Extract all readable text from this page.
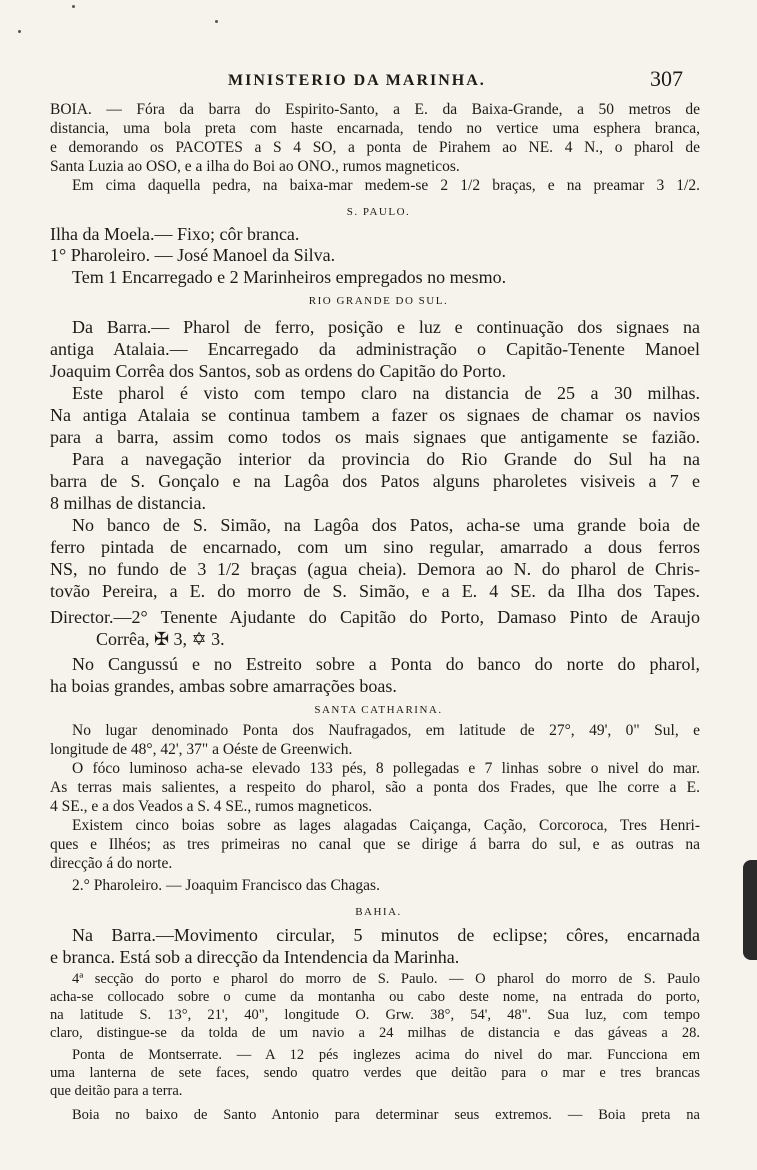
MINISTERIO DA MARINHA.	307
BOIA. — Fóra da barra do Espirito-Santo, a E. da Baixa-Grande, a 50 metros de
distancia, uma bola preta com haste encarnada, tendo no vertice uma esphera branca,
e demorando os PACOTES a S 4 SO, a ponta de Pirahem ao NE. 4 N., o pharol de
Santa Luzia ao OSO, e a ilha do Boi ao ONO., rumos magneticos.
Em cima daquella pedra, na baixa-mar medem-se 2 1/2 braças, e na preamar 3 1/2.
S. PAULO.
Ilha da Moela.— Fixo; côr branca.
1° Pharoleiro. — José Manoel da Silva.
Tem 1 Encarregado e 2 Marinheiros empregados no mesmo.
RIO GRANDE DO SUL.
Da Barra.— Pharol de ferro, posição e luz e continuação dos signaes na
antiga Atalaia.— Encarregado da administração o Capitão-Tenente Manoel
Joaquim Corrêa dos Santos, sob as ordens do Capitão do Porto.
Este pharol é visto com tempo claro na distancia de 25 a 30 milhas.
Na antiga Atalaia se continua tambem a fazer os signaes de chamar os navios
para a barra, assim como todos os mais signaes que antigamente se fazião.
Para a navegação interior da provincia do Rio Grande do Sul ha na
barra de S. Gonçalo e na Lagôa dos Patos alguns pharoletes visiveis a 7 e
8 milhas de distancia.
No banco de S. Simão, na Lagôa dos Patos, acha-se uma grande boia de
ferro pintada de encarnado, com um sino regular, amarrado a dous ferros
NS, no fundo de 3 1/2 braças (agua cheia). Demora ao N. do pharol de Chris-
tovão Pereira, a E. do morro de S. Simão, e a E. 4 SE. da Ilha dos Tapes.
Director.—2° Tenente Ajudante do Capitão do Porto, Damaso Pinto de Araujo
Corrêa, ✠ 3, ✡ 3.
No Cangussú e no Estreito sobre a Ponta do banco do norte do pharol,
ha boias grandes, ambas sobre amarrações boas.
SANTA CATHARINA.
No lugar denominado Ponta dos Naufragados, em latitude de 27°, 49', 0" Sul, e
longitude de 48°, 42', 37" a Oéste de Greenwich.
O fóco luminoso acha-se elevado 133 pés, 8 pollegadas e 7 linhas sobre o nivel do mar.
As terras mais salientes, a respeito do pharol, são a ponta dos Frades, que lhe corre a E.
4 SE., e a dos Veados a S. 4 SE., rumos magneticos.
Existem cinco boias sobre as lages alagadas Caiçanga, Cação, Corcoroca, Tres Henri-
ques e Ilhéos; as tres primeiras no canal que se dirige á barra do sul, e as outras na
direcção á do norte.
2.° Pharoleiro. — Joaquim Francisco das Chagas.
BAHIA.
Na Barra.—Movimento circular, 5 minutos de eclipse; côres, encarnada
e branca. Está sob a direcção da Intendencia da Marinha.
4ª secção do porto e pharol do morro de S. Paulo. — O pharol do morro de S. Paulo
acha-se collocado sobre o cume da montanha ou cabo deste nome, na entrada do porto,
na latitude S. 13°, 21', 40", longitude O. Grw. 38°, 54', 48". Sua luz, com tempo
claro, distingue-se da tolda de um navio a 24 milhas de distancia e das gáveas a 28.
Ponta de Montserrate. — A 12 pés inglezes acima do nivel do mar. Funcciona em
uma lanterna de sete faces, sendo quatro verdes que deitão para o mar e tres brancas
que deitão para a terra.
Boia no baixo de Santo Antonio para determinar seus extremos. — Boia preta na
